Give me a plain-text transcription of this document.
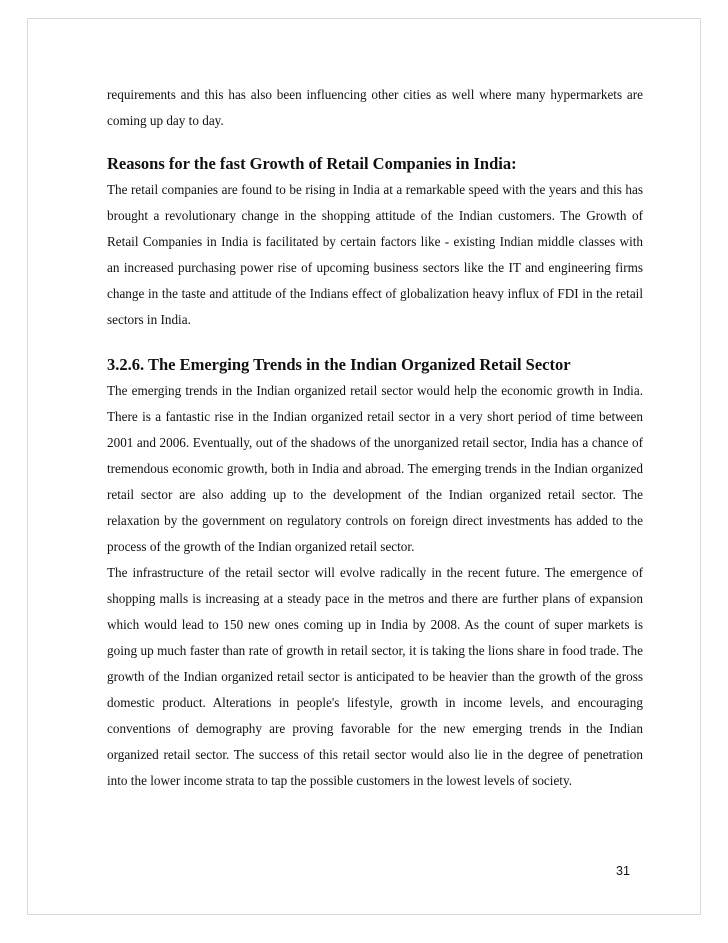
requirements and this has also been influencing other cities as well where many hypermarkets are coming up day to day.

Reasons for the fast Growth of Retail Companies in India:

The retail companies are found to be rising in India at a remarkable speed with the years and this has brought a revolutionary change in the shopping attitude of the Indian customers. The Growth of Retail Companies in India is facilitated by certain factors like - existing Indian middle classes with an increased purchasing power rise of upcoming business sectors like the IT and engineering firms change in the taste and attitude of the Indians effect of globalization heavy influx of FDI in the retail sectors in India.

3.2.6. The Emerging Trends in the Indian Organized Retail Sector

The emerging trends in the Indian organized retail sector would help the economic growth in India. There is a fantastic rise in the Indian organized retail sector in a very short period of time between 2001 and 2006. Eventually, out of the shadows of the unorganized retail sector, India has a chance of tremendous economic growth, both in India and abroad. The emerging trends in the Indian organized retail sector are also adding up to the development of the Indian organized retail sector. The relaxation by the government on regulatory controls on foreign direct investments has added to the process of the growth of the Indian organized retail sector.

The infrastructure of the retail sector will evolve radically in the recent future. The emergence of shopping malls is increasing at a steady pace in the metros and there are further plans of expansion which would lead to 150 new ones coming up in India by 2008. As the count of super markets is going up much faster than rate of growth in retail sector, it is taking the lions share in food trade. The growth of the Indian organized retail sector is anticipated to be heavier than the growth of the gross domestic product. Alterations in people's lifestyle, growth in income levels, and encouraging conventions of demography are proving favorable for the new emerging trends in the Indian organized retail sector. The success of this retail sector would also lie in the degree of penetration into the lower income strata to tap the possible customers in the lowest levels of society.

31
